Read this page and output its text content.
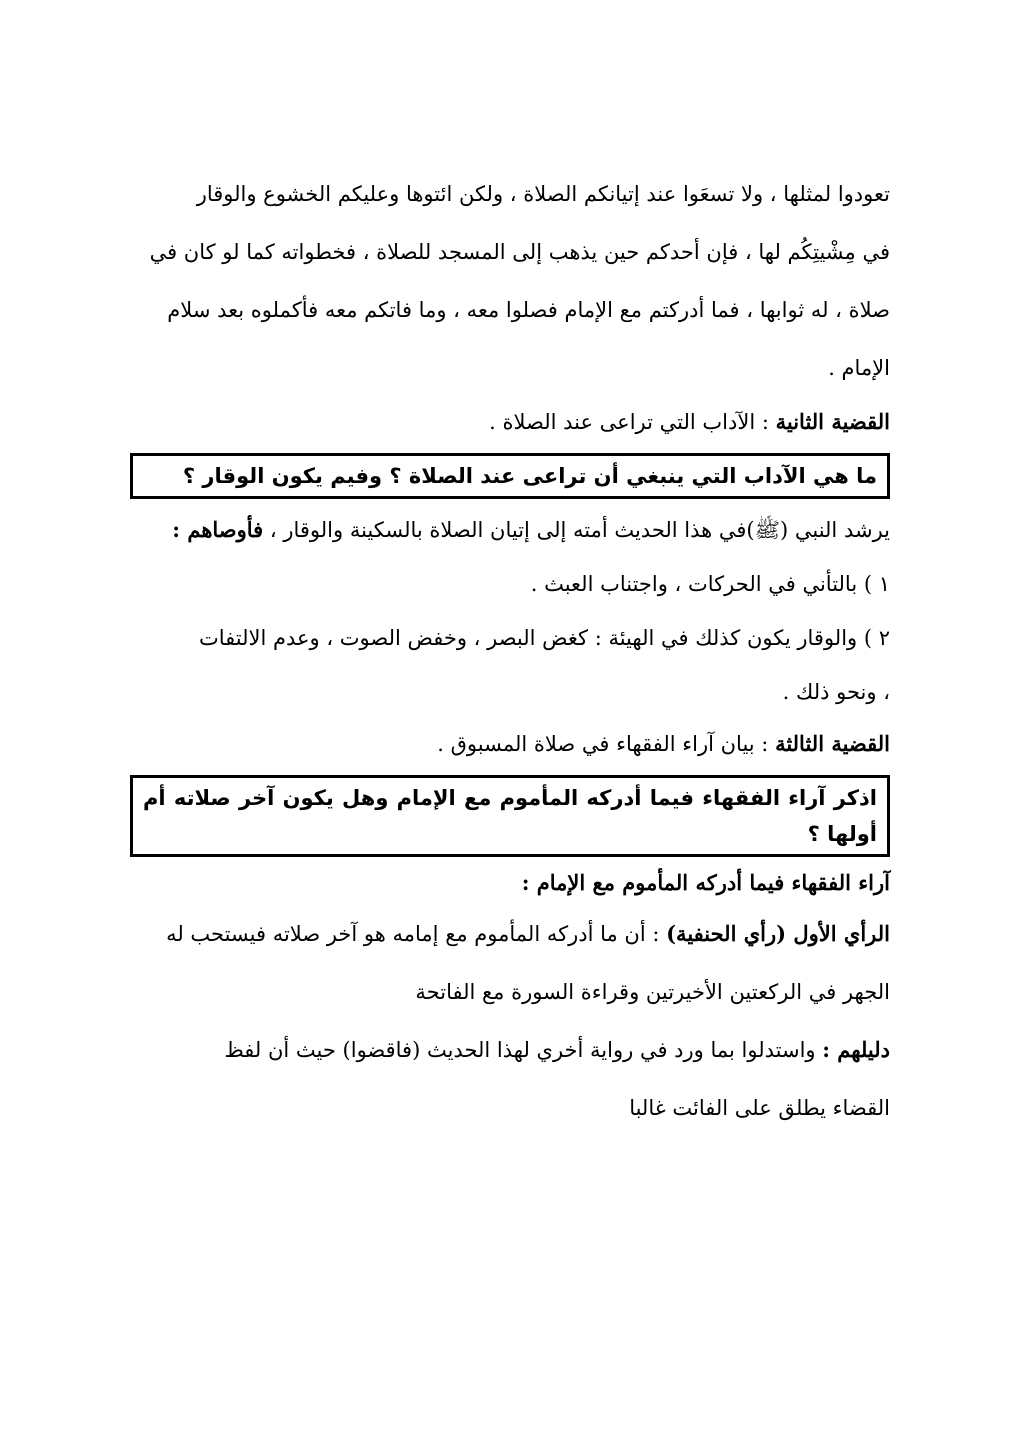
تعودوا لمثلها ، ولا تسعَوا عند إتيانكم الصلاة ، ولكن ائتوها وعليكم الخشوع والوقار

في مِشْيتِكُم لها ، فإن أحدكم حين يذهب إلى المسجد للصلاة ، فخطواته كما لو كان في

صلاة ، له ثوابها ، فما أدركتم مع الإمام فصلوا معه ، وما فاتكم معه فأكملوه بعد سلام

الإمام .

القضية الثانية : الآداب التي تراعى عند الصلاة .

ما هي الآداب التي ينبغي أن تراعى عند الصلاة ؟ وفيم يكون الوقار ؟

يرشد النبي (ﷺ)في هذا الحديث أمته إلى إتيان الصلاة بالسكينة والوقار ، فأوصاهم :

١ ) بالتأني في الحركات ، واجتناب العبث .

٢ ) والوقار يكون كذلك في الهيئة : كغض البصر ، وخفض الصوت ، وعدم الالتفات

، ونحو ذلك .

القضية الثالثة : بيان آراء الفقهاء في صلاة المسبوق .

اذكر آراء الفقهاء فيما أدركه المأموم مع الإمام وهل يكون آخر صلاته أم أولها ؟

آراء الفقهاء فيما أدركه المأموم مع الإمام :

الرأي الأول (رأي الحنفية) : أن ما أدركه المأموم مع إمامه هو آخر صلاته فيستحب له

الجهر في الركعتين الأخيرتين وقراءة السورة مع الفاتحة

دليلهم : واستدلوا بما ورد في رواية أخري لهذا الحديث (فاقضوا) حيث أن لفظ

القضاء يطلق على الفائت غالبا
